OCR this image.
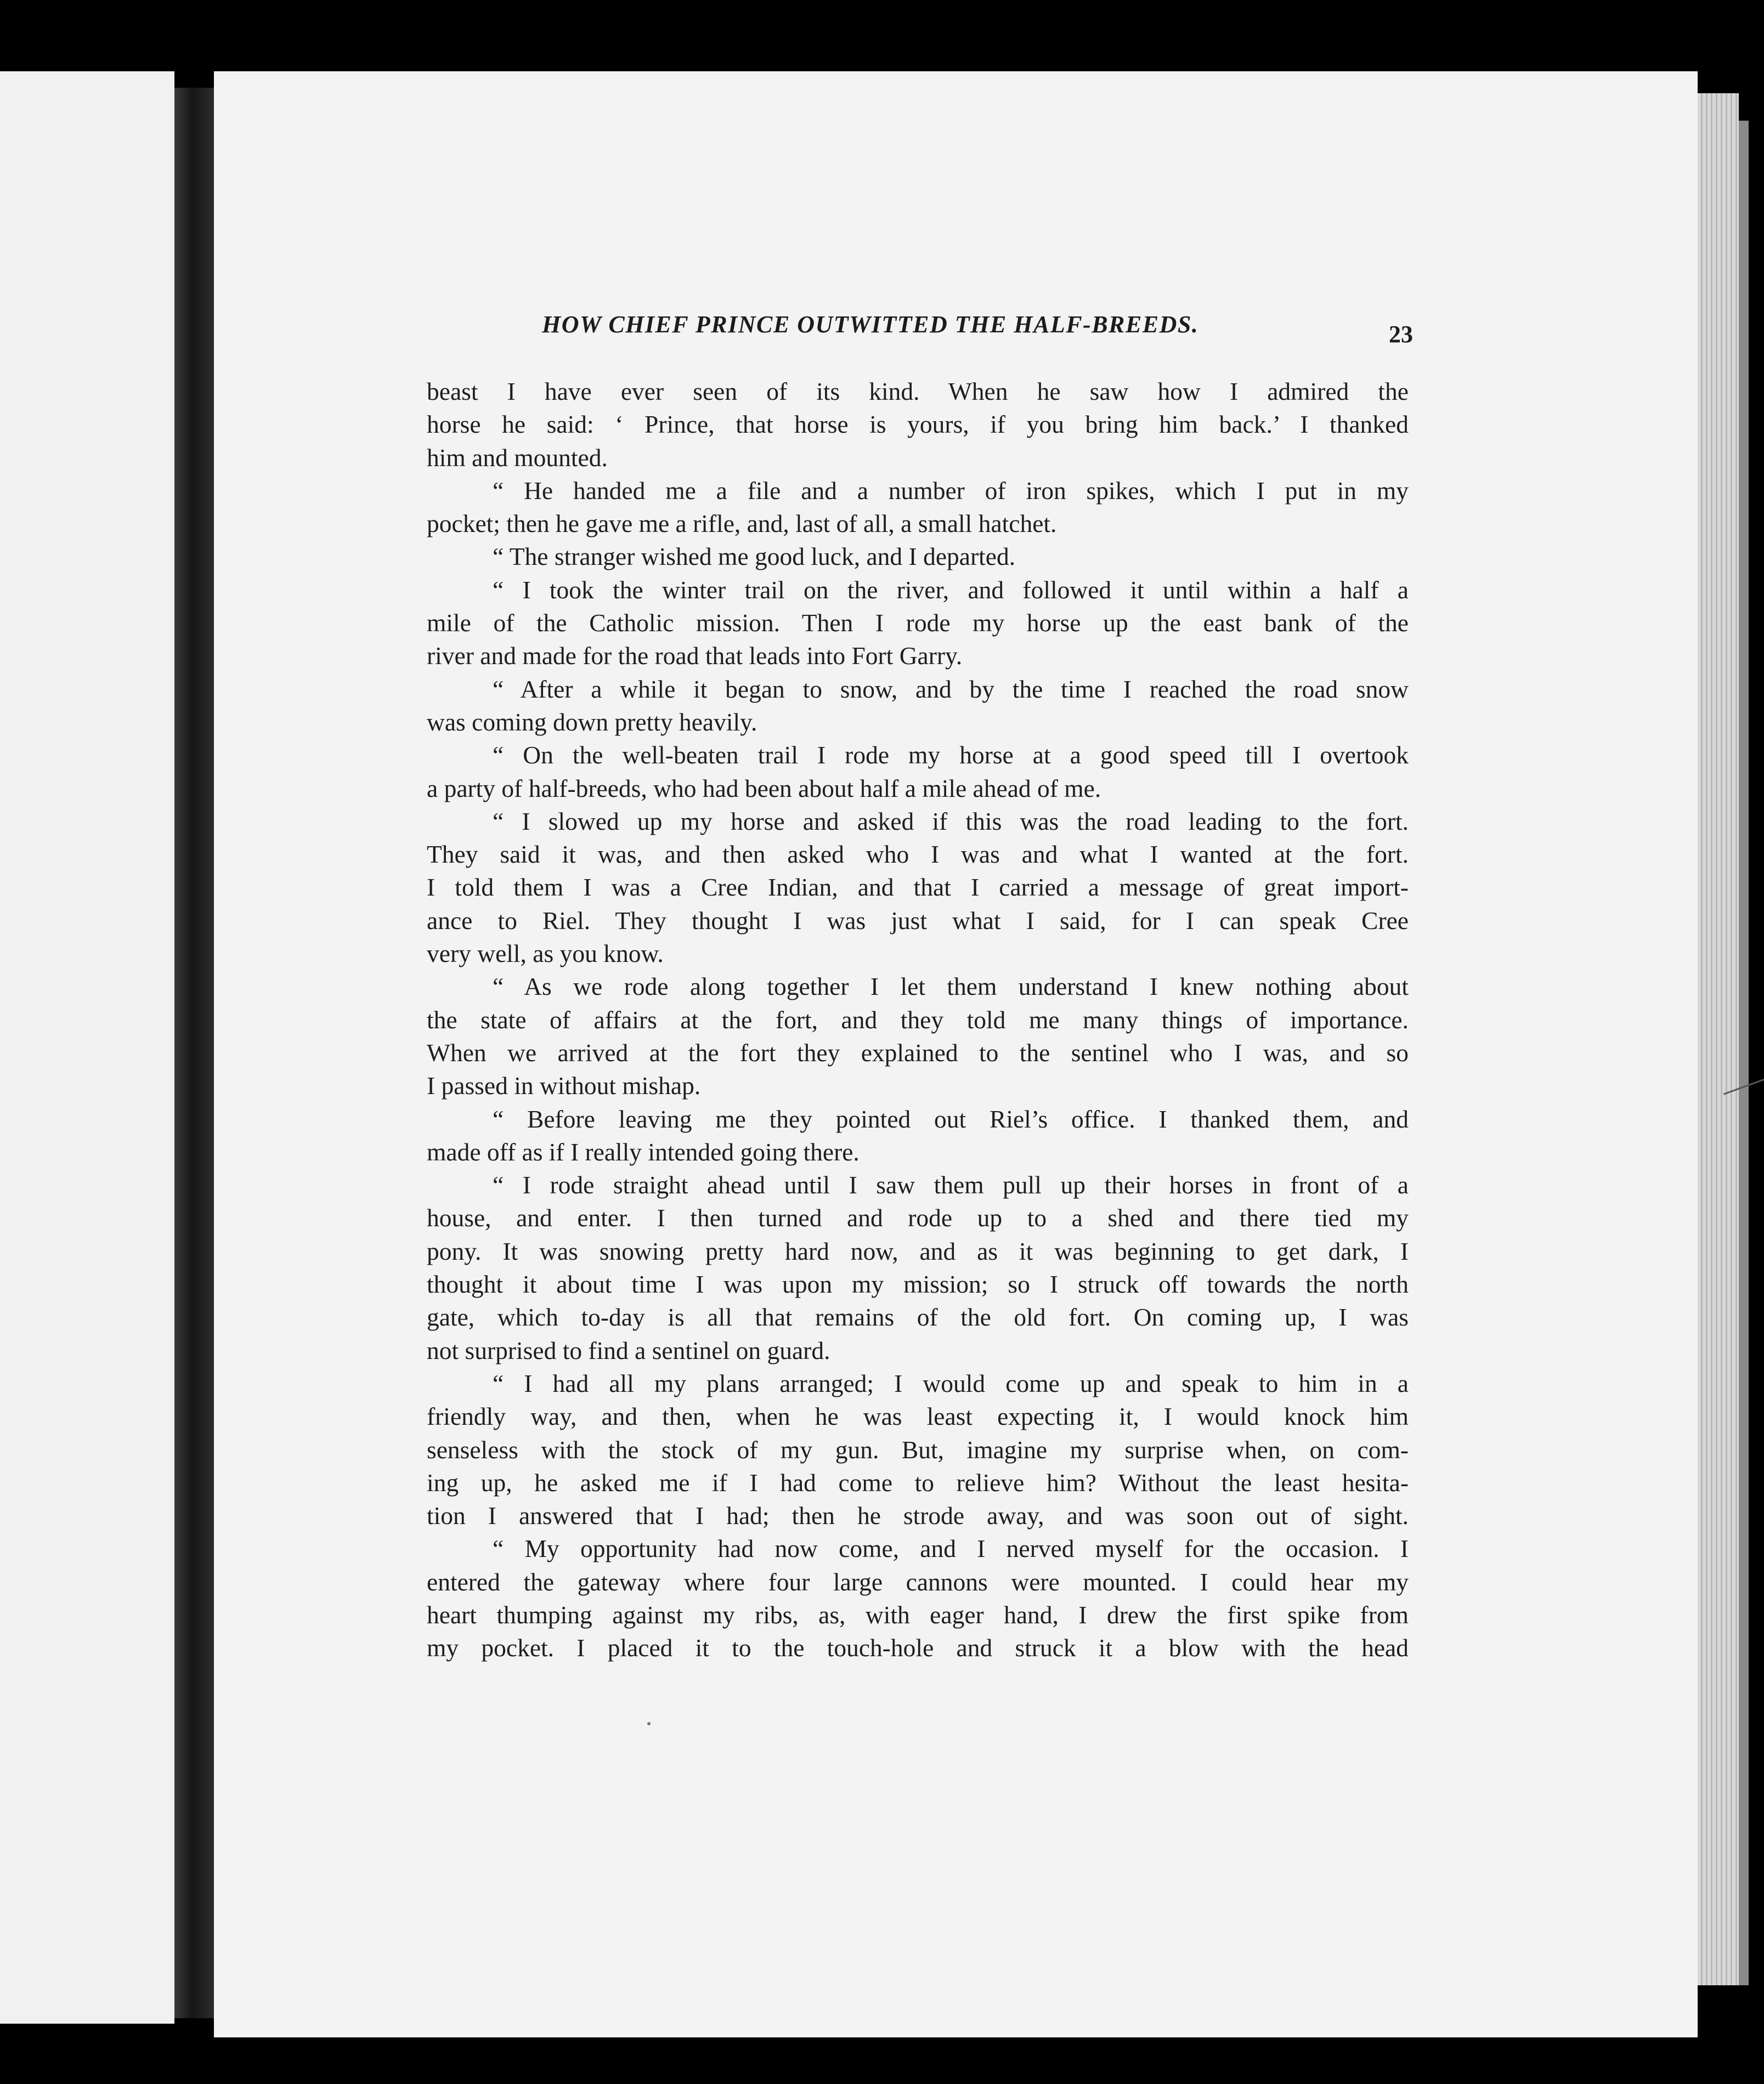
HOW CHIEF PRINCE OUTWITTED THE HALF-BREEDS.	23
beast I have ever seen of its kind. When he saw how I admired the
horse he said: ‘ Prince, that horse is yours, if you bring him back.’ I thanked
him and mounted.
“ He handed me a file and a number of iron spikes, which I put in my
pocket; then he gave me a rifle, and, last of all, a small hatchet.
“ The stranger wished me good luck, and I departed.
“ I took the winter trail on the river, and followed it until within a half a
mile of the Catholic mission. Then I rode my horse up the east bank of the
river and made for the road that leads into Fort Garry.
“ After a while it began to snow, and by the time I reached the road snow
was coming down pretty heavily.
“ On the well-beaten trail I rode my horse at a good speed till I overtook
a party of half-breeds, who had been about half a mile ahead of me.
“ I slowed up my horse and asked if this was the road leading to the fort.
They said it was, and then asked who I was and what I wanted at the fort.
I told them I was a Cree Indian, and that I carried a message of great import-
ance to Riel. They thought I was just what I said, for I can speak Cree
very well, as you know.
“ As we rode along together I let them understand I knew nothing about
the state of affairs at the fort, and they told me many things of importance.
When we arrived at the fort they explained to the sentinel who I was, and so
I passed in without mishap.
“ Before leaving me they pointed out Riel’s office. I thanked them, and
made off as if I really intended going there.
“ I rode straight ahead until I saw them pull up their horses in front of a
house, and enter. I then turned and rode up to a shed and there tied my
pony. It was snowing pretty hard now, and as it was beginning to get dark, I
thought it about time I was upon my mission; so I struck off towards the north
gate, which to-day is all that remains of the old fort. On coming up, I was
not surprised to find a sentinel on guard.
“ I had all my plans arranged; I would come up and speak to him in a
friendly way, and then, when he was least expecting it, I would knock him
senseless with the stock of my gun. But, imagine my surprise when, on com-
ing up, he asked me if I had come to relieve him? Without the least hesita-
tion I answered that I had; then he strode away, and was soon out of sight.
“ My opportunity had now come, and I nerved myself for the occasion. I
entered the gateway where four large cannons were mounted. I could hear my
heart thumping against my ribs, as, with eager hand, I drew the first spike from
my pocket. I placed it to the touch-hole and struck it a blow with the head
